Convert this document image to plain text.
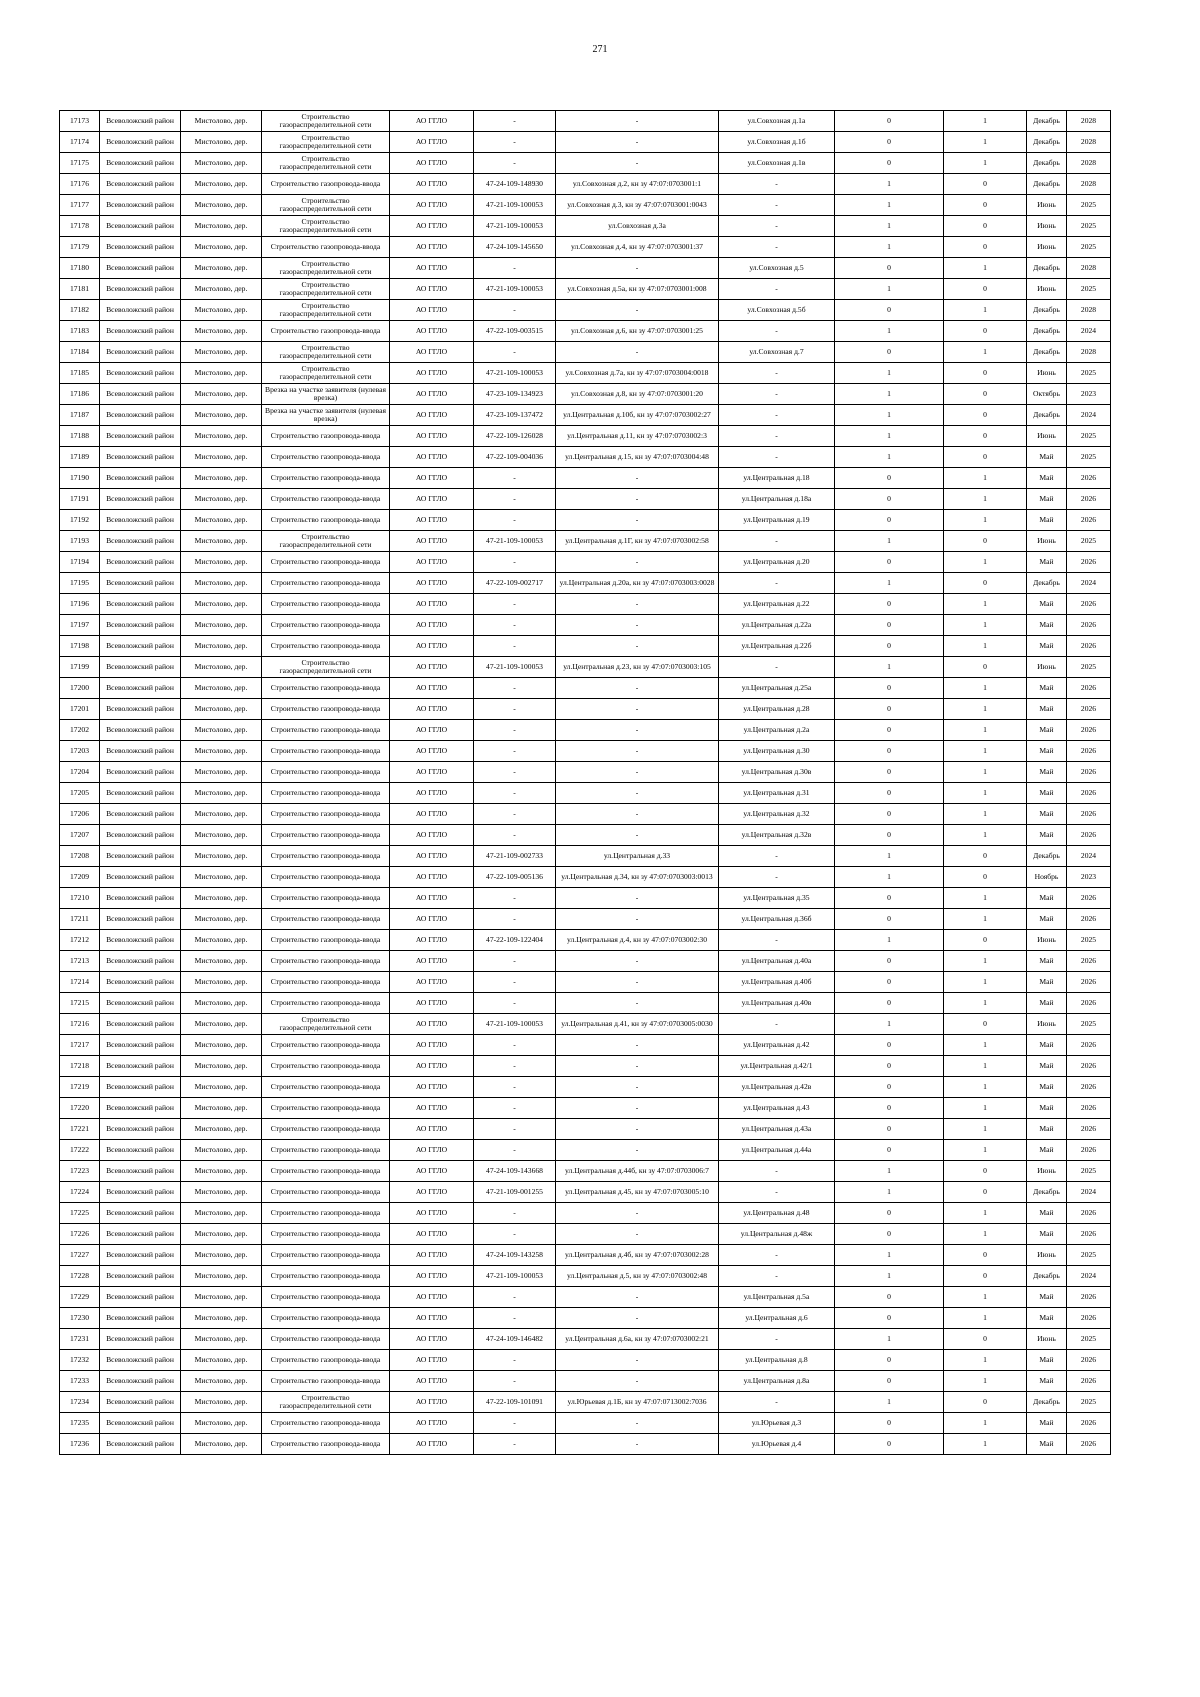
271
17173	Всеволожский район	Мистолово, дер.	Строительство газораспределительной сети	АО ГГЛО	-	-	ул.Совхозная д.1а	0	1	Декабрь	2028
17174	Всеволожский район	Мистолово, дер.	Строительство газораспределительной сети	АО ГГЛО	-	-	ул.Совхозная д.1б	0	1	Декабрь	2028
17175	Всеволожский район	Мистолово, дер.	Строительство газораспределительной сети	АО ГГЛО	-	-	ул.Совхозная д.1в	0	1	Декабрь	2028
17176	Всеволожский район	Мистолово, дер.	Строительство газопровода-ввода	АО ГГЛО	47-24-109-148930	ул.Совхозная д.2, кн зу 47:07:0703001:1	-	1	0	Декабрь	2028
17177	Всеволожский район	Мистолово, дер.	Строительство газораспределительной сети	АО ГГЛО	47-21-109-100053	ул.Совхозная д.3, кн зу 47:07:0703001:0043	-	1	0	Июнь	2025
17178	Всеволожский район	Мистолово, дер.	Строительство газораспределительной сети	АО ГГЛО	47-21-109-100053	ул.Совхозная д.3а	-	1	0	Июнь	2025
17179	Всеволожский район	Мистолово, дер.	Строительство газопровода-ввода	АО ГГЛО	47-24-109-145650	ул.Совхозная д.4, кн зу 47:07:0703001:37	-	1	0	Июнь	2025
17180	Всеволожский район	Мистолово, дер.	Строительство газораспределительной сети	АО ГГЛО	-	-	ул.Совхозная д.5	0	1	Декабрь	2028
17181	Всеволожский район	Мистолово, дер.	Строительство газораспределительной сети	АО ГГЛО	47-21-109-100053	ул.Совхозная д.5а, кн зу 47:07:0703001:008	-	1	0	Июнь	2025
17182	Всеволожский район	Мистолово, дер.	Строительство газораспределительной сети	АО ГГЛО	-	-	ул.Совхозная д.5б	0	1	Декабрь	2028
17183	Всеволожский район	Мистолово, дер.	Строительство газопровода-ввода	АО ГГЛО	47-22-109-003515	ул.Совхозная д.6, кн зу 47:07:0703001:25	-	1	0	Декабрь	2024
17184	Всеволожский район	Мистолово, дер.	Строительство газораспределительной сети	АО ГГЛО	-	-	ул.Совхозная д.7	0	1	Декабрь	2028
17185	Всеволожский район	Мистолово, дер.	Строительство газораспределительной сети	АО ГГЛО	47-21-109-100053	ул.Совхозная д.7а, кн зу 47:07:0703004:0018	-	1	0	Июнь	2025
17186	Всеволожский район	Мистолово, дер.	Врезка на участке заявителя (нулевая врезка)	АО ГГЛО	47-23-109-134923	ул.Совхозная д.8, кн зу 47:07:0703001:20	-	1	0	Октябрь	2023
17187	Всеволожский район	Мистолово, дер.	Врезка на участке заявителя (нулевая врезка)	АО ГГЛО	47-23-109-137472	ул.Центральная д.10б, кн зу 47:07:0703002:27	-	1	0	Декабрь	2024
17188	Всеволожский район	Мистолово, дер.	Строительство газопровода-ввода	АО ГГЛО	47-22-109-126028	ул.Центральная д.11, кн зу 47:07:0703002:3	-	1	0	Июнь	2025
17189	Всеволожский район	Мистолово, дер.	Строительство газопровода-ввода	АО ГГЛО	47-22-109-004036	ул.Центральная д.15, кн зу 47:07:0703004:48	-	1	0	Май	2025
17190	Всеволожский район	Мистолово, дер.	Строительство газопровода-ввода	АО ГГЛО	-	-	ул.Центральная д.18	0	1	Май	2026
17191	Всеволожский район	Мистолово, дер.	Строительство газопровода-ввода	АО ГГЛО	-	-	ул.Центральная д.18а	0	1	Май	2026
17192	Всеволожский район	Мистолово, дер.	Строительство газопровода-ввода	АО ГГЛО	-	-	ул.Центральная д.19	0	1	Май	2026
17193	Всеволожский район	Мистолово, дер.	Строительство газораспределительной сети	АО ГГЛО	47-21-109-100053	ул.Центральная д.1Г, кн зу 47:07:0703002:58	-	1	0	Июнь	2025
17194	Всеволожский район	Мистолово, дер.	Строительство газопровода-ввода	АО ГГЛО	-	-	ул.Центральная д.20	0	1	Май	2026
17195	Всеволожский район	Мистолово, дер.	Строительство газопровода-ввода	АО ГГЛО	47-22-109-002717	ул.Центральная д.20а, кн зу 47:07:0703003:0028	-	1	0	Декабрь	2024
17196	Всеволожский район	Мистолово, дер.	Строительство газопровода-ввода	АО ГГЛО	-	-	ул.Центральная д.22	0	1	Май	2026
17197	Всеволожский район	Мистолово, дер.	Строительство газопровода-ввода	АО ГГЛО	-	-	ул.Центральная д.22а	0	1	Май	2026
17198	Всеволожский район	Мистолово, дер.	Строительство газопровода-ввода	АО ГГЛО	-	-	ул.Центральная д.22б	0	1	Май	2026
17199	Всеволожский район	Мистолово, дер.	Строительство газораспределительной сети	АО ГГЛО	47-21-109-100053	ул.Центральная д.23, кн зу 47:07:0703003:105	-	1	0	Июнь	2025
17200	Всеволожский район	Мистолово, дер.	Строительство газопровода-ввода	АО ГГЛО	-	-	ул.Центральная д.25а	0	1	Май	2026
17201	Всеволожский район	Мистолово, дер.	Строительство газопровода-ввода	АО ГГЛО	-	-	ул.Центральная д.28	0	1	Май	2026
17202	Всеволожский район	Мистолово, дер.	Строительство газопровода-ввода	АО ГГЛО	-	-	ул.Центральная д.2а	0	1	Май	2026
17203	Всеволожский район	Мистолово, дер.	Строительство газопровода-ввода	АО ГГЛО	-	-	ул.Центральная д.30	0	1	Май	2026
17204	Всеволожский район	Мистолово, дер.	Строительство газопровода-ввода	АО ГГЛО	-	-	ул.Центральная д.30в	0	1	Май	2026
17205	Всеволожский район	Мистолово, дер.	Строительство газопровода-ввода	АО ГГЛО	-	-	ул.Центральная д.31	0	1	Май	2026
17206	Всеволожский район	Мистолово, дер.	Строительство газопровода-ввода	АО ГГЛО	-	-	ул.Центральная д.32	0	1	Май	2026
17207	Всеволожский район	Мистолово, дер.	Строительство газопровода-ввода	АО ГГЛО	-	-	ул.Центральная д.32в	0	1	Май	2026
17208	Всеволожский район	Мистолово, дер.	Строительство газопровода-ввода	АО ГГЛО	47-21-109-002733	ул.Центральная д.33	-	1	0	Декабрь	2024
17209	Всеволожский район	Мистолово, дер.	Строительство газопровода-ввода	АО ГГЛО	47-22-109-005136	ул.Центральная д.34, кн зу 47:07:0703003:0013	-	1	0	Ноябрь	2023
17210	Всеволожский район	Мистолово, дер.	Строительство газопровода-ввода	АО ГГЛО	-	-	ул.Центральная д.35	0	1	Май	2026
17211	Всеволожский район	Мистолово, дер.	Строительство газопровода-ввода	АО ГГЛО	-	-	ул.Центральная д.36б	0	1	Май	2026
17212	Всеволожский район	Мистолово, дер.	Строительство газопровода-ввода	АО ГГЛО	47-22-109-122404	ул.Центральная д.4, кн зу 47:07:0703002:30	-	1	0	Июнь	2025
17213	Всеволожский район	Мистолово, дер.	Строительство газопровода-ввода	АО ГГЛО	-	-	ул.Центральная д.40а	0	1	Май	2026
17214	Всеволожский район	Мистолово, дер.	Строительство газопровода-ввода	АО ГГЛО	-	-	ул.Центральная д.40б	0	1	Май	2026
17215	Всеволожский район	Мистолово, дер.	Строительство газопровода-ввода	АО ГГЛО	-	-	ул.Центральная д.40в	0	1	Май	2026
17216	Всеволожский район	Мистолово, дер.	Строительство газораспределительной сети	АО ГГЛО	47-21-109-100053	ул.Центральная д.41, кн зу 47:07:0703005:0030	-	1	0	Июнь	2025
17217	Всеволожский район	Мистолово, дер.	Строительство газопровода-ввода	АО ГГЛО	-	-	ул.Центральная д.42	0	1	Май	2026
17218	Всеволожский район	Мистолово, дер.	Строительство газопровода-ввода	АО ГГЛО	-	-	ул.Центральная д.42/1	0	1	Май	2026
17219	Всеволожский район	Мистолово, дер.	Строительство газопровода-ввода	АО ГГЛО	-	-	ул.Центральная д.42в	0	1	Май	2026
17220	Всеволожский район	Мистолово, дер.	Строительство газопровода-ввода	АО ГГЛО	-	-	ул.Центральная д.43	0	1	Май	2026
17221	Всеволожский район	Мистолово, дер.	Строительство газопровода-ввода	АО ГГЛО	-	-	ул.Центральная д.43а	0	1	Май	2026
17222	Всеволожский район	Мистолово, дер.	Строительство газопровода-ввода	АО ГГЛО	-	-	ул.Центральная д.44а	0	1	Май	2026
17223	Всеволожский район	Мистолово, дер.	Строительство газопровода-ввода	АО ГГЛО	47-24-109-143668	ул.Центральная д.44б, кн зу 47:07:0703006:7	-	1	0	Июнь	2025
17224	Всеволожский район	Мистолово, дер.	Строительство газопровода-ввода	АО ГГЛО	47-21-109-001255	ул.Центральная д.45, кн зу 47:07:0703005:10	-	1	0	Декабрь	2024
17225	Всеволожский район	Мистолово, дер.	Строительство газопровода-ввода	АО ГГЛО	-	-	ул.Центральная д.48	0	1	Май	2026
17226	Всеволожский район	Мистолово, дер.	Строительство газопровода-ввода	АО ГГЛО	-	-	ул.Центральная д.48ж	0	1	Май	2026
17227	Всеволожский район	Мистолово, дер.	Строительство газопровода-ввода	АО ГГЛО	47-24-109-143258	ул.Центральная д.4б, кн зу 47:07:0703002:28	-	1	0	Июнь	2025
17228	Всеволожский район	Мистолово, дер.	Строительство газопровода-ввода	АО ГГЛО	47-21-109-100053	ул.Центральная д.5, кн зу 47:07:0703002:48	-	1	0	Декабрь	2024
17229	Всеволожский район	Мистолово, дер.	Строительство газопровода-ввода	АО ГГЛО	-	-	ул.Центральная д.5а	0	1	Май	2026
17230	Всеволожский район	Мистолово, дер.	Строительство газопровода-ввода	АО ГГЛО	-	-	ул.Центральная д.6	0	1	Май	2026
17231	Всеволожский район	Мистолово, дер.	Строительство газопровода-ввода	АО ГГЛО	47-24-109-146482	ул.Центральная д.6а, кн зу 47:07:0703002:21	-	1	0	Июнь	2025
17232	Всеволожский район	Мистолово, дер.	Строительство газопровода-ввода	АО ГГЛО	-	-	ул.Центральная д.8	0	1	Май	2026
17233	Всеволожский район	Мистолово, дер.	Строительство газопровода-ввода	АО ГГЛО	-	-	ул.Центральная д.8а	0	1	Май	2026
17234	Всеволожский район	Мистолово, дер.	Строительство газораспределительной сети	АО ГГЛО	47-22-109-101091	ул.Юрьевая д.1Б, кн зу 47:07:0713002:7036	-	1	0	Декабрь	2025
17235	Всеволожский район	Мистолово, дер.	Строительство газопровода-ввода	АО ГГЛО	-	-	ул.Юрьевая д.3	0	1	Май	2026
17236	Всеволожский район	Мистолово, дер.	Строительство газопровода-ввода	АО ГГЛО	-	-	ул.Юрьевая д.4	0	1	Май	2026
